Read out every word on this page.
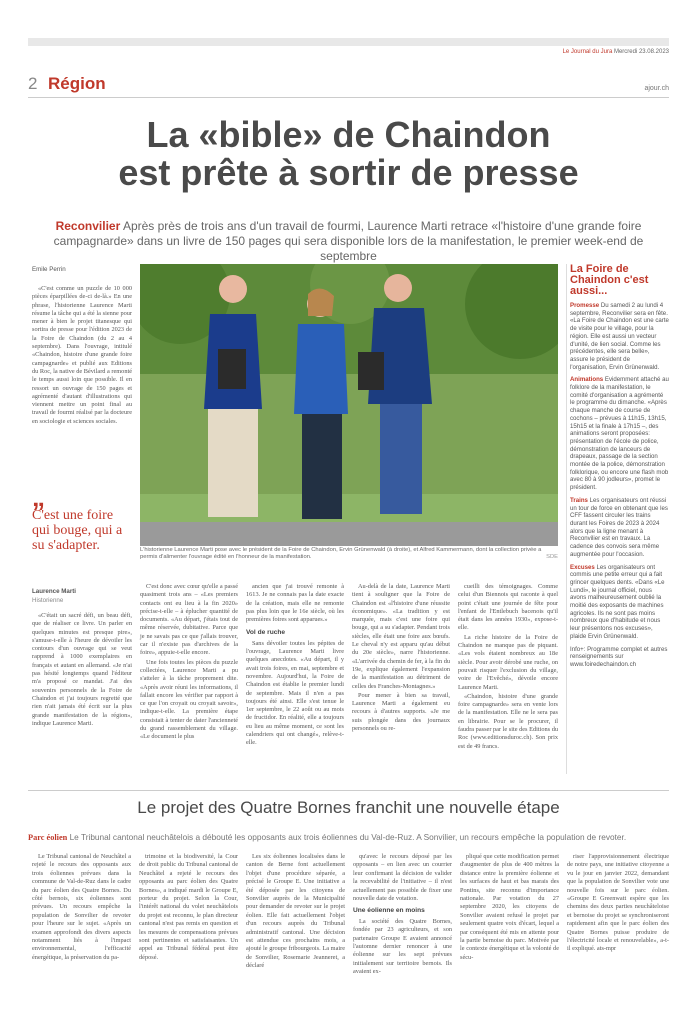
Le Journal du Jura Mercredi 23.08.2023
2 Région	ajour.ch
La «bible» de Chaindon
est prête à sortir de presse
Reconvilier Après près de trois ans d'un travail de fourmi, Laurence Marti retrace «l'histoire d'une grande foire campagnarde» dans un livre de 150 pages qui sera disponible lors de la manifestation, le premier week-end de septembre
Emile Perrin

«C'est comme un puzzle de 10 000 pièces éparpillées de-ci de-là.» En une phrase, l'historienne Laurence Marti résume la tâche qui a été la sienne pour mener à bien le projet titanesque qui sortira de presse pour l'édition 2023 de la Foire de Chaindon (du 2 au 4 septembre). Dans l'ouvrage, intitulé «Chaindon, histoire d'une grande foire campagnarde» et publié aux Editions du Roc, la native de Bévilard a remonté le temps aussi loin que possible. Il en ressort un ouvrage de 150 pages et agrémenté d'autant d'illustrations qui viennent mettre un point final au travail de fourmi réalisé par la docteure en sociologie et sciences sociales.

„
C'est une foire qui bouge, qui a su s'adapter.
Laurence Marti
Historienne

«C'était un sacré défi, un beau défi, que de réaliser ce livre. Un parler en quelques minutes est presque pire», s'amuse-t-elle à l'heure de dévoiler les contours d'un ouvrage qui se veut rapprend à 1000 exemplaires en français et autant en allemand. «Je n'ai pas hésité longtemps quand l'éditeur m'a proposé ce mandat. J'ai des souvenirs personnels de la Foire de Chaindon et j'ai toujours regretté que rien n'ait jamais été écrit sur la plus grande manifestation de la région», indique Laurence Marti.

L'historienne Laurence Marti pose avec le président de la Foire de Chaindon, Ervin Grünenwald (à droite), et Alfred Kammermann, dont la collection privée a permis d'alimenter l'ouvrage édité en l'honneur de la manifestation.	SDE

C'est donc avec cœur qu'elle a passé quasiment trois ans – «Les premiers contacts ont eu lieu à la fin 2020» précise-t-elle – à éplucher quantité de documents. «Au départ, j'étais tout de même réservée, dubitative. Parce que je ne savais pas ce que j'allais trouver, car il n'existe pas d'archives de la foire», appuie-t-elle encore.

Une fois toutes les pièces du puzzle collectées, Laurence Marti a pu s'atteler à la tâche proprement dite. «Après avoir réuni les informations, il fallait encore les vérifier par rapport à ce que l'on croyait ou croyait savoir», indique-t-elle. La première étape consistait à tenter de dater l'ancienneté du grand rassemblement du village. «Le document le plus

ancien que j'ai trouvé remonte à 1613. Je ne connais pas la date exacte de la création, mais elle ne remonte pas plus loin que le 16e siècle, où les premières foires sont apparues.»

Vol de ruche

Sans dévoiler toutes les pépites de l'ouvrage, Laurence Marti livre quelques anecdotes. «Au départ, il y avait trois foires, en mai, septembre et novembre. Aujourd'hui, la Foire de Chaindon est établie le premier lundi de septembre. Mais il n'en a pas toujours été ainsi. Elle s'est tenue le 1er septembre, le 22 août ou au mois de fructidor. En réalité, elle a toujours eu lieu au même moment, ce sont les calendriers qui ont changé», relève-t-elle.

Au-delà de la date, Laurence Marti tient à souligner que la Foire de Chaindon est «l'histoire d'une réussite économique». «La tradition y est marquée, mais c'est une foire qui bouge, qui a su s'adapter. Pendant trois siècles, elle était une foire aux bœufs. Le cheval n'y est apparu qu'au début du 20e siècle», narre l'historienne. «L'arrivée du chemin de fer, à la fin du 19e, explique également l'expansion de la manifestation au détriment de celles des Franches-Montagnes.»

Pour mener à bien sa travail, Laurence Marti a également eu recours à d'autres supports. «Je me suis plongée dans des journaux personnels ou re-

cueilli des témoignages. Comme celui d'un Biennois qui raconte à quel point c'était une journée de fête pour l'enfant de l'Entlebuch bacenois qu'il était dans les années 1930», expose-t-elle.

La riche histoire de la Foire de Chaindon ne manque pas de piquant. «Les vols étaient nombreux au 18e siècle. Pour avoir dérobé une ruche, on pouvait risquer l'exclusion du village, voire de l'Evêché», dévoile encore Laurence Marti.

«Chaindon, histoire d'une grande foire campagnarde» sera en vente lors de la manifestation. Elle ne le sera pas en librairie. Pour se le procurer, il faudra passer par le site des Editions du Roc (www.editionsduroc.ch). Son prix est de 49 francs.

La Foire de Chaindon c'est aussi...
Promesse Du samedi 2 au lundi 4 septembre, Reconvilier sera en fête. «La Foire de Chaindon est une carte de visite pour le village, pour la région. Elle est aussi un vecteur d'unité, de lien social. Comme les précédentes, elle sera belle», assure le président de l'organisation, Ervin Grünenwald.
Animations Evidemment attaché au folklore de la manifestation, le comité d'organisation a agrémenté le programme du dimanche. «Après chaque manche de course de cochons – prévues à 11h15, 13h15, 15h15 et la finale à 17h15 –, des animations seront proposées: présentation de l'école de police, démonstration de lanceurs de drapeaux, passage de la section montée de la police, démonstration folklorique, ou encore une flash mob avec 80 à 90 jodleurs», promet le président.
Trains Les organisateurs ont réussi un tour de force en obtenant que les CFF fassent circuler les trains durant les Foires de 2023 à 2024 alors que la ligne menant à Reconvilier est en travaux. La cadence des convois sera même augmentée pour l'occasion.
Excuses Les organisateurs ont commis une petite erreur qui a fait grincer quelques dents. «Dans «Le Lundi», le journal officiel, nous avons malheureusement oublié la moitié des exposants de machines agricoles. Ils ne sont pas moins nombreux que d'habitude et nous leur présentons nos excuses», plaide Ervin Grünenwald.
Info+: Programme complet et autres renseignements sur www.foiredechaindon.ch
Le projet des Quatre Bornes franchit une nouvelle étape
Parc éolien Le Tribunal cantonal neuchâtelois a débouté les opposants aux trois éoliennes du Val-de-Ruz. A Sonvilier, un recours empêche la population de revoter.

Le Tribunal cantonal de Neuchâtel a rejeté le recours des opposants aux trois éoliennes prévues dans la commune de Val-de-Ruz dans le cadre du parc éolien des Quatre Bornes. Du côté bernois, six éoliennes sont prévues. Un recours empêche la population de Sonvilier de revoter pour l'heure sur le sujet. «Après un examen approfondi des divers aspects notamment liés à l'impact environnemental, l'efficacité énergétique, la préservation du pa-

trimoine et la biodiversité, la Cour de droit public du Tribunal cantonal de Neuchâtel a rejeté le recours des opposants au parc éolien des Quatre Bornes», a indiqué mardi le Groupe E, porteur du projet. Selon la Cour, l'intérêt national du volet neuchâtelois du projet est reconnu, le plan directeur cantonal n'est pas remis en question et les mesures de compensations prévues sont pertinentes et satisfaisantes. Un appel au Tribunal fédéral peut être déposé.

Les six éoliennes localisées dans le canton de Berne font actuellement l'objet d'une procédure séparée, a précisé le Groupe E. Une initiative a été déposée par les citoyens de Sonvilier auprès de la Municipalité pour demander de revoter sur le projet éolien. Elle fait actuellement l'objet d'un recours auprès du Tribunal administratif cantonal. Une décision est attendue ces prochains mois, a ajouté le groupe fribourgeois. La maire de Sonvilier, Rosemarie Jeanneret, a déclaré

qu'avec le recours déposé par les opposants – en lien avec un courrier leur confirmant la décision de valider la recevabilité de l'initiative – il n'est actuellement pas possible de fixer une nouvelle date de votation.

Une éolienne en moins

La société des Quatre Bornes, fondée par 23 agriculteurs, et son partenaire Groupe E avaient annoncé l'automne dernier renoncer à une éolienne sur les sept prévues initialement sur territoire bernois. Ils avaient ex-

pliqué que cette modification permet d'augmenter de plus de 400 mètres la distance entre la première éolienne et les surfaces de haut et bas marais des Pontins, site reconnu d'importance nationale. Par votation du 27 septembre 2020, les citoyens de Sonvilier avaient refusé le projet par seulement quatre voix d'écart, lequel a par conséquent été mis en attente pour la partie bernoise du parc. Motivée par le contexte énergétique et la volonté de sécu-

riser l'approvisionnement électrique de notre pays, une initiative citoyenne a vu le jour en janvier 2022, demandant que la population de Sonvilier vote une nouvelle fois sur le parc éolien. «Groupe E Greenwatt espère que les chemins des deux parties neuchâteloise et bernoise du projet se synchroniseront rapidement afin que le parc éolien des Quatre Bornes puisse produire de l'électricité locale et renouvelable», a-t-il expliqué. ats-mpr
